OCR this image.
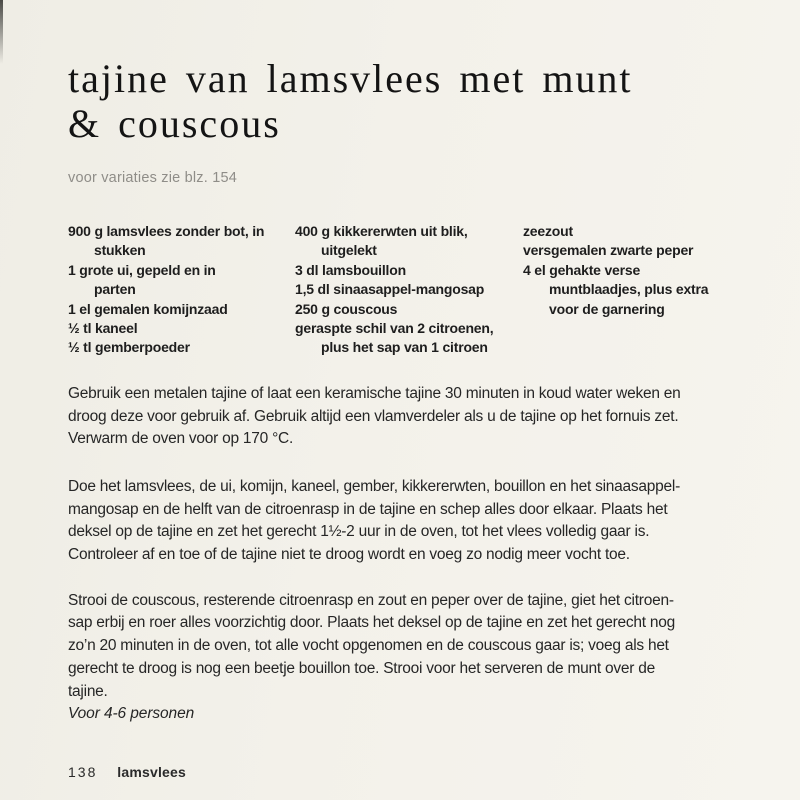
tajine van lamsvlees met munt
& couscous
voor variaties zie blz. 154
900 g lamsvlees zonder bot, in
stukken
1 grote ui, gepeld en in
parten
1 el gemalen komijnzaad
½ tl kaneel
½ tl gemberpoeder
400 g kikkererwten uit blik,
uitgelekt
3 dl lamsbouillon
1,5 dl sinaasappel-mangosap
250 g couscous
geraspte schil van 2 citroenen,
plus het sap van 1 citroen
zeezout
versgemalen zwarte peper
4 el gehakte verse
muntblaadjes, plus extra
voor de garnering
Gebruik een metalen tajine of laat een keramische tajine 30 minuten in koud water weken en
droog deze voor gebruik af. Gebruik altijd een vlamverdeler als u de tajine op het fornuis zet.
Verwarm de oven voor op 170 °C.
Doe het lamsvlees, de ui, komijn, kaneel, gember, kikkererwten, bouillon en het sinaasappel-
mangosap en de helft van de citroenrasp in de tajine en schep alles door elkaar. Plaats het
deksel op de tajine en zet het gerecht 1½-2 uur in de oven, tot het vlees volledig gaar is.
Controleer af en toe of de tajine niet te droog wordt en voeg zo nodig meer vocht toe.
Strooi de couscous, resterende citroenrasp en zout en peper over de tajine, giet het citroen-
sap erbij en roer alles voorzichtig door. Plaats het deksel op de tajine en zet het gerecht nog
zo’n 20 minuten in de oven, tot alle vocht opgenomen en de couscous gaar is; voeg als het
gerecht te droog is nog een beetje bouillon toe. Strooi voor het serveren de munt over de
tajine.
Voor 4-6 personen
138 lamsvlees
